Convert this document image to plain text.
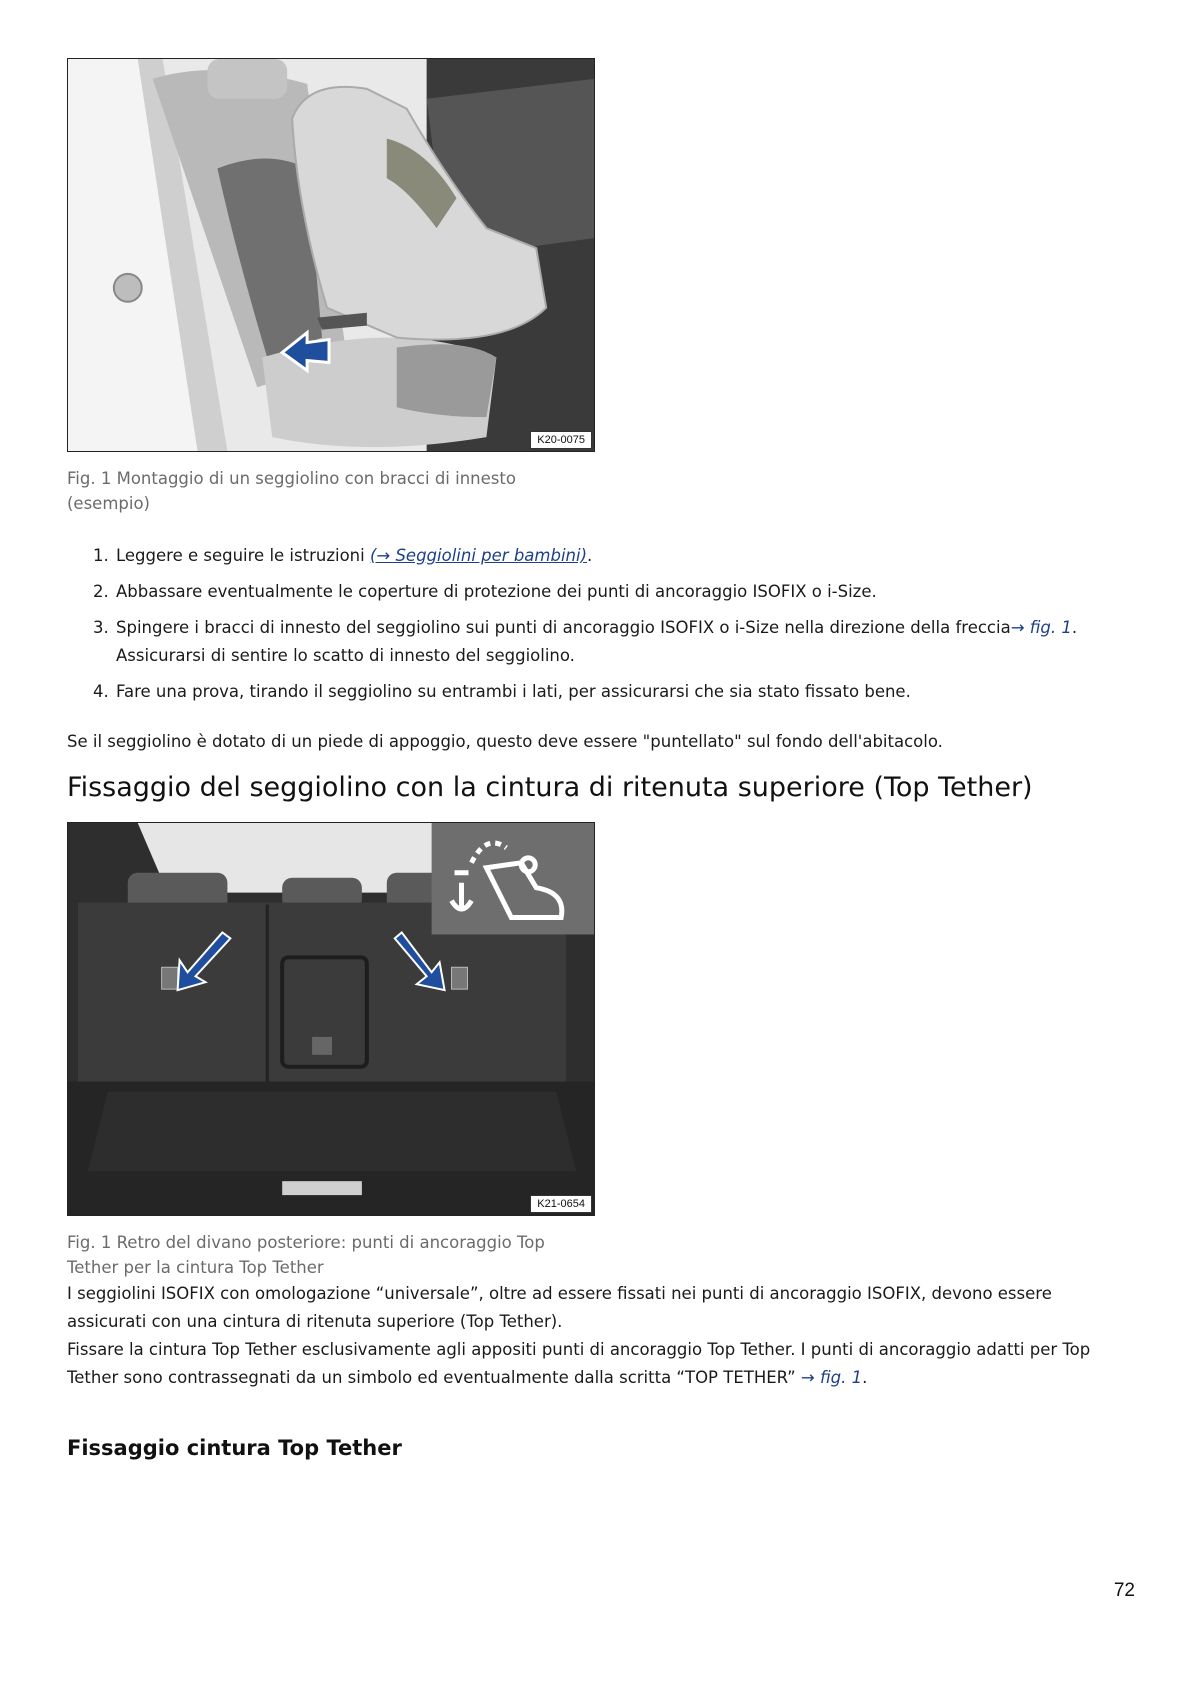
K20-0075
Fig. 1 Montaggio di un seggiolino con bracci di innesto (esempio)
1. Leggere e seguire le istruzioni (→ Seggiolini per bambini).
2. Abbassare eventualmente le coperture di protezione dei punti di ancoraggio ISOFIX o i-Size.
3. Spingere i bracci di innesto del seggiolino sui punti di ancoraggio ISOFIX o i-Size nella direzione della freccia→ fig. 1. Assicurarsi di sentire lo scatto di innesto del seggiolino.
4. Fare una prova, tirando il seggiolino su entrambi i lati, per assicurarsi che sia stato fissato bene.

Se il seggiolino è dotato di un piede di appoggio, questo deve essere "puntellato" sul fondo dell'abitacolo.

Fissaggio del seggiolino con la cintura di ritenuta superiore (Top Tether)
K21-0654
Fig. 1 Retro del divano posteriore: punti di ancoraggio Top Tether per la cintura Top Tether

I seggiolini ISOFIX con omologazione “universale”, oltre ad essere fissati nei punti di ancoraggio ISOFIX, devono essere assicurati con una cintura di ritenuta superiore (Top Tether).

Fissare la cintura Top Tether esclusivamente agli appositi punti di ancoraggio Top Tether. I punti di ancoraggio adatti per Top Tether sono contrassegnati da un simbolo ed eventualmente dalla scritta “TOP TETHER” → fig. 1.

Fissaggio cintura Top Tether
72
